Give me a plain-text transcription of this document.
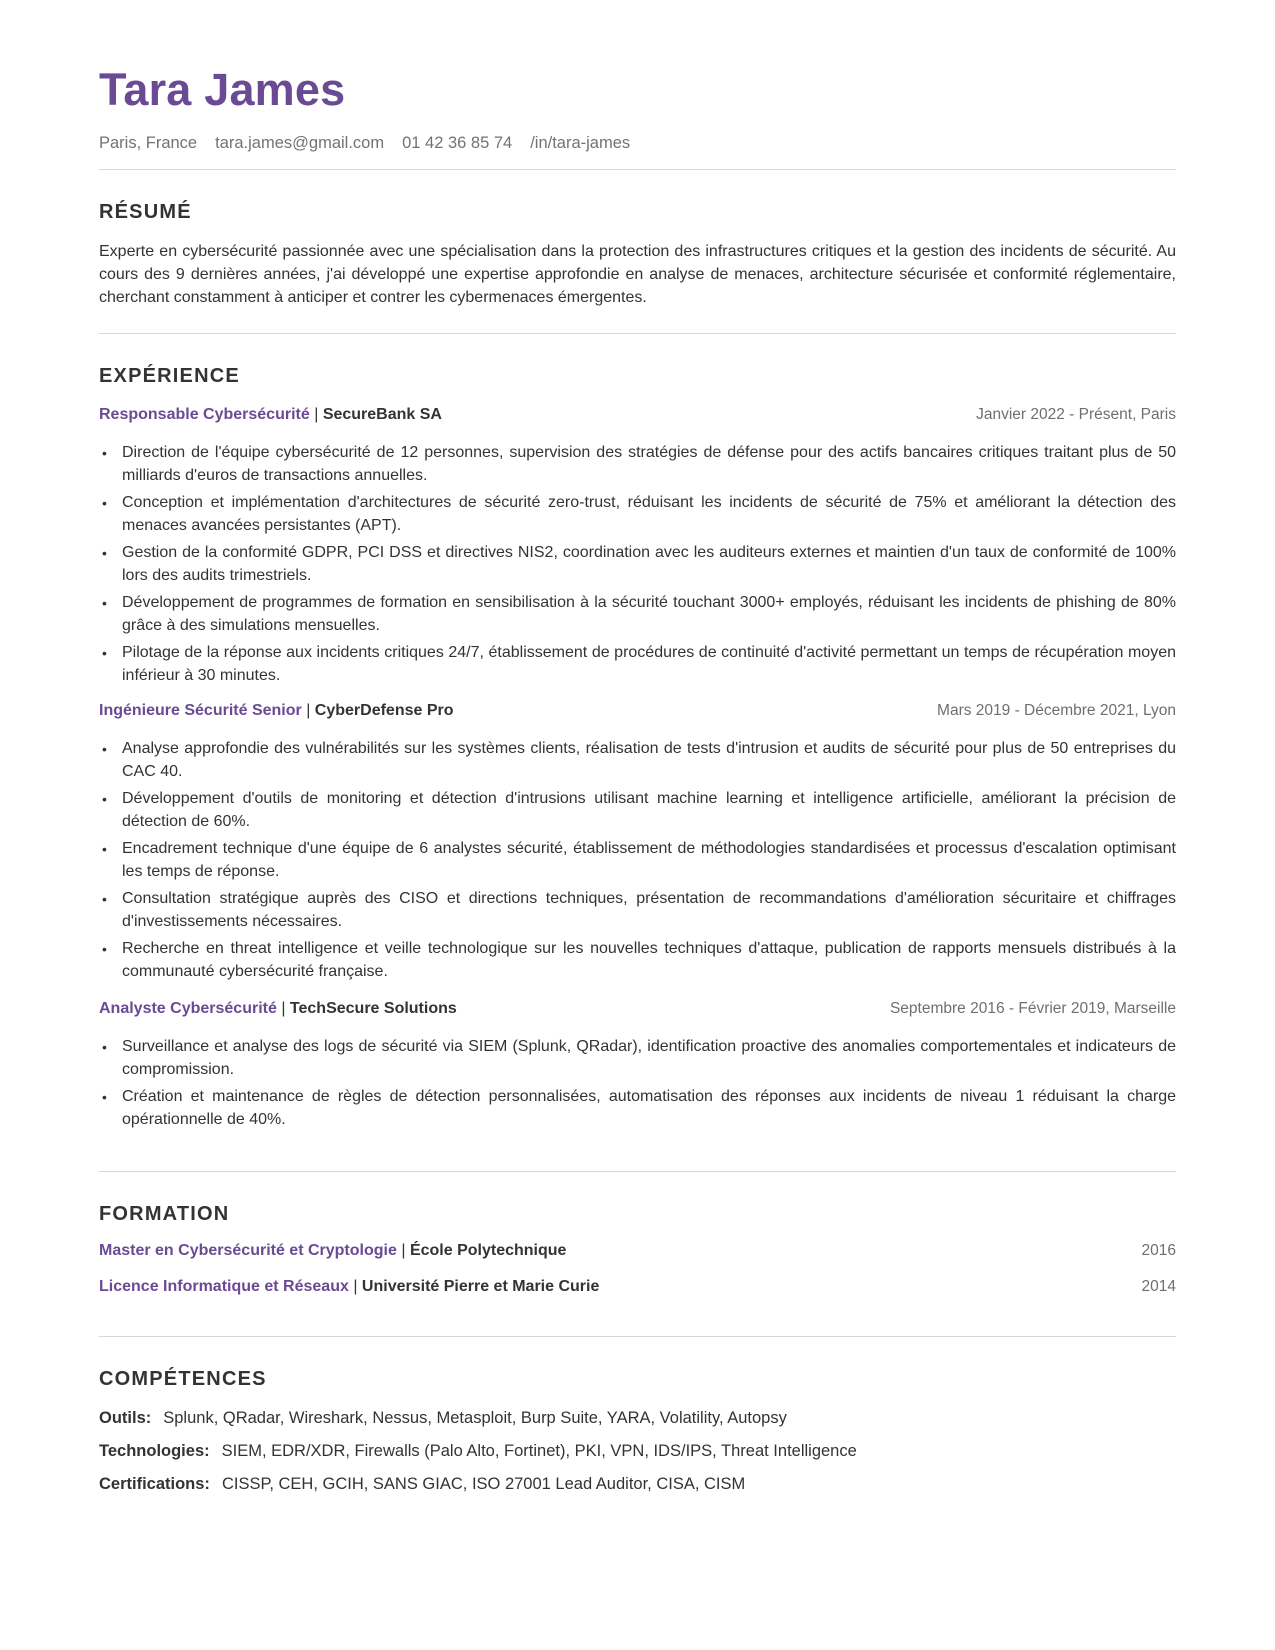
Tara James
Paris, France tara.james@gmail.com 01 42 36 85 74 /in/tara-james
RÉSUMÉ

Experte en cybersécurité passionnée avec une spécialisation dans la protection des infrastructures critiques et la gestion des incidents de sécurité. Au cours des 9 dernières années, j'ai développé une expertise approfondie en analyse de menaces, architecture sécurisée et conformité réglementaire, cherchant constamment à anticiper et contrer les cybermenaces émergentes.

EXPÉRIENCE
Responsable Cybersécurité | SecureBank SA	Janvier 2022 - Présent, Paris
• Direction de l'équipe cybersécurité de 12 personnes, supervision des stratégies de défense pour des actifs bancaires critiques traitant plus de 50 milliards d'euros de transactions annuelles.
• Conception et implémentation d'architectures de sécurité zero-trust, réduisant les incidents de sécurité de 75% et améliorant la détection des menaces avancées persistantes (APT).
• Gestion de la conformité GDPR, PCI DSS et directives NIS2, coordination avec les auditeurs externes et maintien d'un taux de conformité de 100% lors des audits trimestriels.
• Développement de programmes de formation en sensibilisation à la sécurité touchant 3000+ employés, réduisant les incidents de phishing de 80% grâce à des simulations mensuelles.
• Pilotage de la réponse aux incidents critiques 24/7, établissement de procédures de continuité d'activité permettant un temps de récupération moyen inférieur à 30 minutes.
Ingénieure Sécurité Senior | CyberDefense Pro	Mars 2019 - Décembre 2021, Lyon
• Analyse approfondie des vulnérabilités sur les systèmes clients, réalisation de tests d'intrusion et audits de sécurité pour plus de 50 entreprises du CAC 40.
• Développement d'outils de monitoring et détection d'intrusions utilisant machine learning et intelligence artificielle, améliorant la précision de détection de 60%.
• Encadrement technique d'une équipe de 6 analystes sécurité, établissement de méthodologies standardisées et processus d'escalation optimisant les temps de réponse.
• Consultation stratégique auprès des CISO et directions techniques, présentation de recommandations d'amélioration sécuritaire et chiffrages d'investissements nécessaires.
• Recherche en threat intelligence et veille technologique sur les nouvelles techniques d'attaque, publication de rapports mensuels distribués à la communauté cybersécurité française.
Analyste Cybersécurité | TechSecure Solutions	Septembre 2016 - Février 2019, Marseille
• Surveillance et analyse des logs de sécurité via SIEM (Splunk, QRadar), identification proactive des anomalies comportementales et indicateurs de compromission.
• Création et maintenance de règles de détection personnalisées, automatisation des réponses aux incidents de niveau 1 réduisant la charge opérationnelle de 40%.
FORMATION
Master en Cybersécurité et Cryptologie | École Polytechnique	2016
Licence Informatique et Réseaux | Université Pierre et Marie Curie	2014
COMPÉTENCES
Outils: Splunk, QRadar, Wireshark, Nessus, Metasploit, Burp Suite, YARA, Volatility, Autopsy
Technologies: SIEM, EDR/XDR, Firewalls (Palo Alto, Fortinet), PKI, VPN, IDS/IPS, Threat Intelligence
Certifications: CISSP, CEH, GCIH, SANS GIAC, ISO 27001 Lead Auditor, CISA, CISM
